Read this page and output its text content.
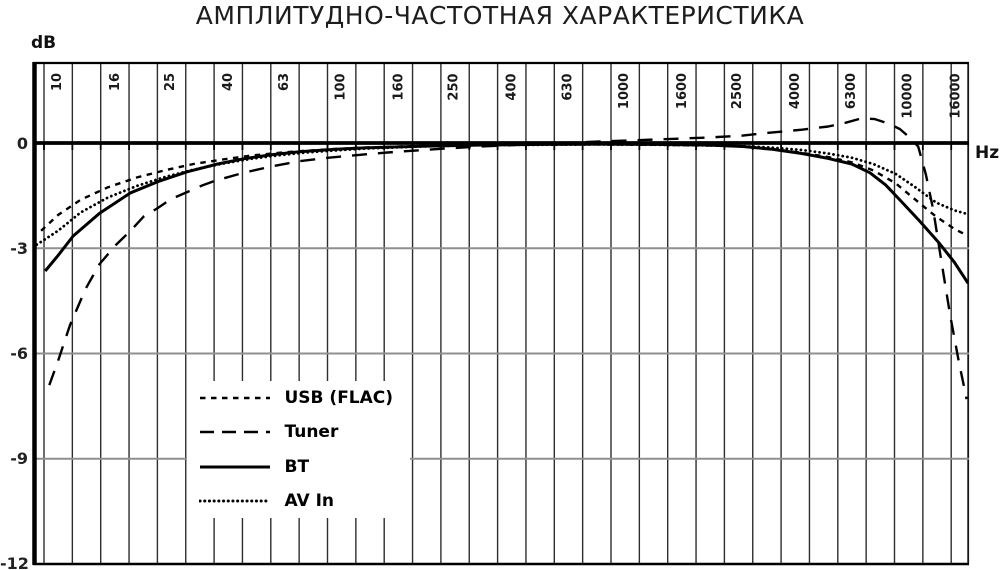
АМПЛИТУДНО-ЧАСТОТНАЯ ХАРАКТЕРИСТИКА
dB
Hz
10	16	25	40	63	100	160	250	400	630	1000	1600	2500	4000	6300	10000 16000
0
-3
-6
-9
-12
USB (FLAC)
Tuner
BT
AV In
